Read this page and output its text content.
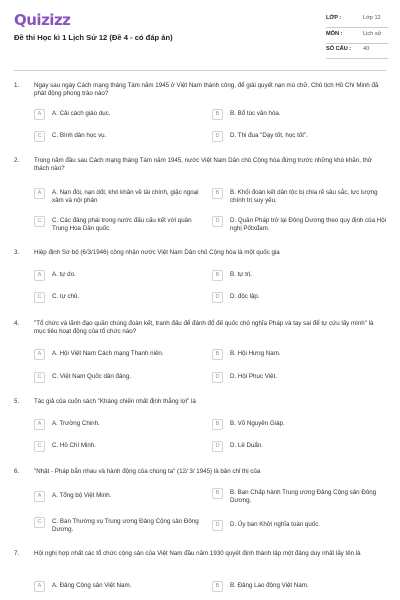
Quizizz
Đề thi Học kì 1 Lịch Sử 12 (Đề 4 - có đáp án)
LỚP :	Lớp 12
MÔN :	Lịch sử
SỐ CÂU : 40
1. Ngay sau ngày Cách mạng tháng Tám năm 1945 ở Việt Nam thành công, để giải quyết nạn mù chữ. Chủ tịch Hồ Chí Minh đã phát động phong trào nào?
A	A. Cải cách giáo dục.	B	B. Bổ túc văn hóa.
C	C. Bình dân học vụ.	D	D. Thi đua "Dạy tốt, học tốt".
2. Trong năm đầu sau Cách mạng tháng Tám năm 1945, nước Việt Nam Dân chủ Cộng hòa đứng trước những khó khăn, thử thách nào?
A	A. Nạn đói, nạn dốt, khó khăn về tài chính, giặc ngoại xâm và nội phản
B	B. Khối đoàn kết dân tộc bị chia rẽ sâu sắc, lực lượng chính trị suy yếu.
C	C. Các đảng phái trong nước đấu cấu kết với quân Trung Hoa Dân quốc.
D	D. Quân Pháp trở lại Đông Dương theo quy định của Hội nghị Pốtxđam.
3. Hiệp định Sơ bộ (6/3/1946) công nhận nước Việt Nam Dân chủ Cộng hòa là một quốc gia
A	A. tự do.	B	B. tự trị.
C	C. tự chủ.	D	D. độc lập.
4. "Tổ chức và lãnh đạo quần chúng đoàn kết, tranh đấu để đánh đổ đế quốc chủ nghĩa Pháp và tay sai để tự cứu lấy mình" là mục tiêu hoạt động của tổ chức nào?
A	A. Hội Việt Nam Cách mạng Thanh niên.	B	B. Hội Hưng Nam.
C	C. Việt Nam Quốc dân đảng.	D	D. Hội Phục Việt.
5. Tác giả của cuốn sách "Kháng chiến nhất định thắng lợi" là
A	A. Trường Chinh.	B	B. Võ Nguyên Giáp.
C	C. Hồ Chí Minh.	D	D. Lê Duẩn.
6. "Nhật - Pháp bắn nhau và hành động của chúng ta" (12/ 3/ 1945) là bản chỉ thị của
A	A. Tổng bộ Việt Minh.	B	B. Ban Chấp hành Trung ương Đảng Cộng sản Đông Dương.
C	C. Ban Thường vụ Trung ương Đảng Cộng sản Đông Dương.
D	D. Ủy ban Khởi nghĩa toàn quốc.
7. Hội nghị hợp nhất các tổ chức cộng sản của Việt Nam đầu năm 1930 quyết định thành lập một đảng duy nhất lấy tên là
A	A. Đảng Cộng sản Việt Nam.	B	B. Đảng Lao động Việt Nam.
